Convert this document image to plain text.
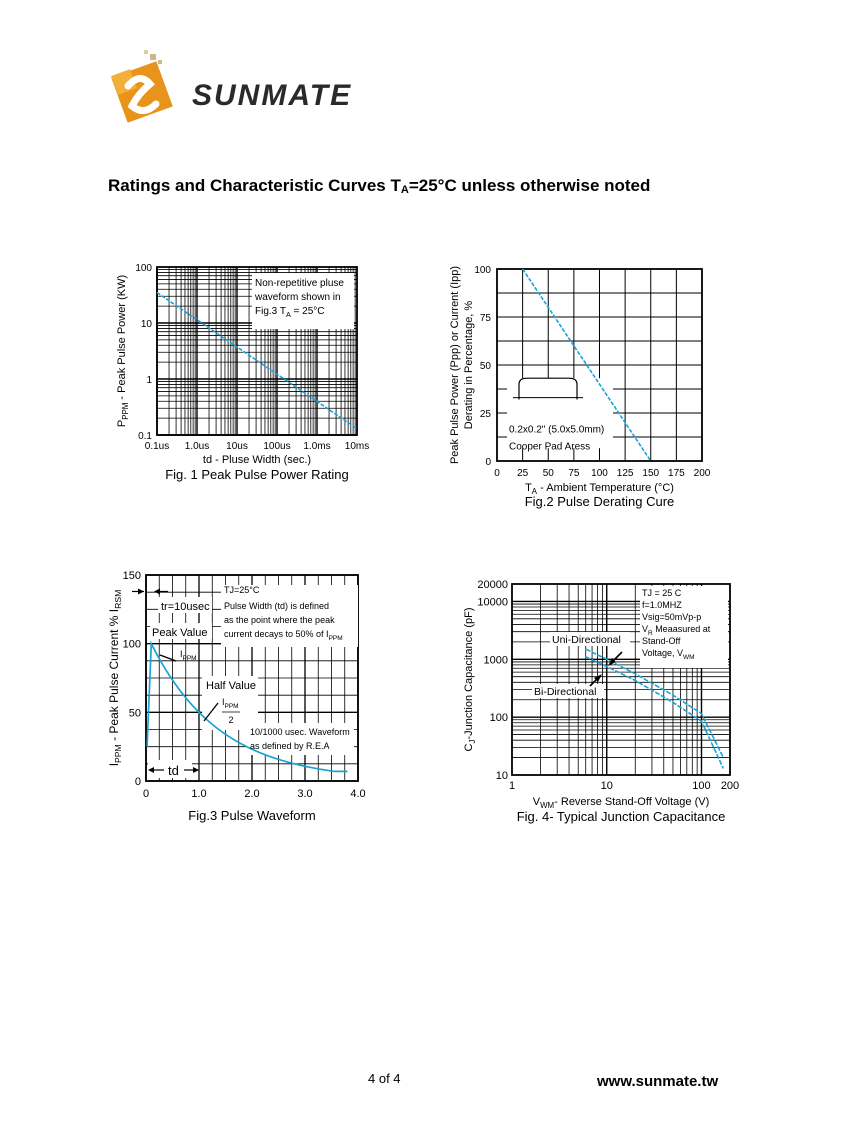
SUNMATE
Ratings and Characteristic Curves $T_A=25^\circ C$ unless otherwise noted
Non-repetitive pluse
waveform shown in
Fig.3 $T_A = 25^\circ C$
0.1us 1.0us 10us 100us 1.0ms 10ms
0.1
1
10
100
td - Pluse Width (sec.)
Fig. 1 Peak Pulse Power Rating
$P_{PPM}$ - Peak Pulse Power (KW)
0.2x0.2" (5.0x5.0mm)
Cooper Pad Aress
0 25 50 75 100 125 150 175 200
0
25
50
75
100
$T_A$ - Ambient Temperature (°C)
Fig.2 Pulse Derating Cure
Peak Pulse Power (Ppp) or Current (Ipp) Derating in Percentage, %
tr=10usec
TJ=25°C
Pulse Width (td) is defined
as the point where the peak
current decays to 50% of $I_{PPM}$
Peak Value
$I_{PPM}$
Half Value
$I_{PPM}$
2
10/1000 usec. Waveform
as defined by R.E.A
td
0	1.0	2.0	3.0	4.0
0
50
100
150
Fig.3 Pulse Waveform
$I_{PPM}$ - Peak Pulse Current % $I_{RSM}$	TJ = 25 C
f=1.0MHZ
Vsig=50mVp-p
$V_R$ Meaasured at
Stand-Off
Voltage, $V_{WM}$
Uni-Directional
Bi-Directional
1	10	100 200
10
100
1000
10000
20000
$V_{WM}-$ Reverse Stand-Off Voltage (V)
Fig. 4- Typical Junction Capacitance
$C_J$-Junction Capacitance (pF)
4 of 4	www.sunmate.tw
